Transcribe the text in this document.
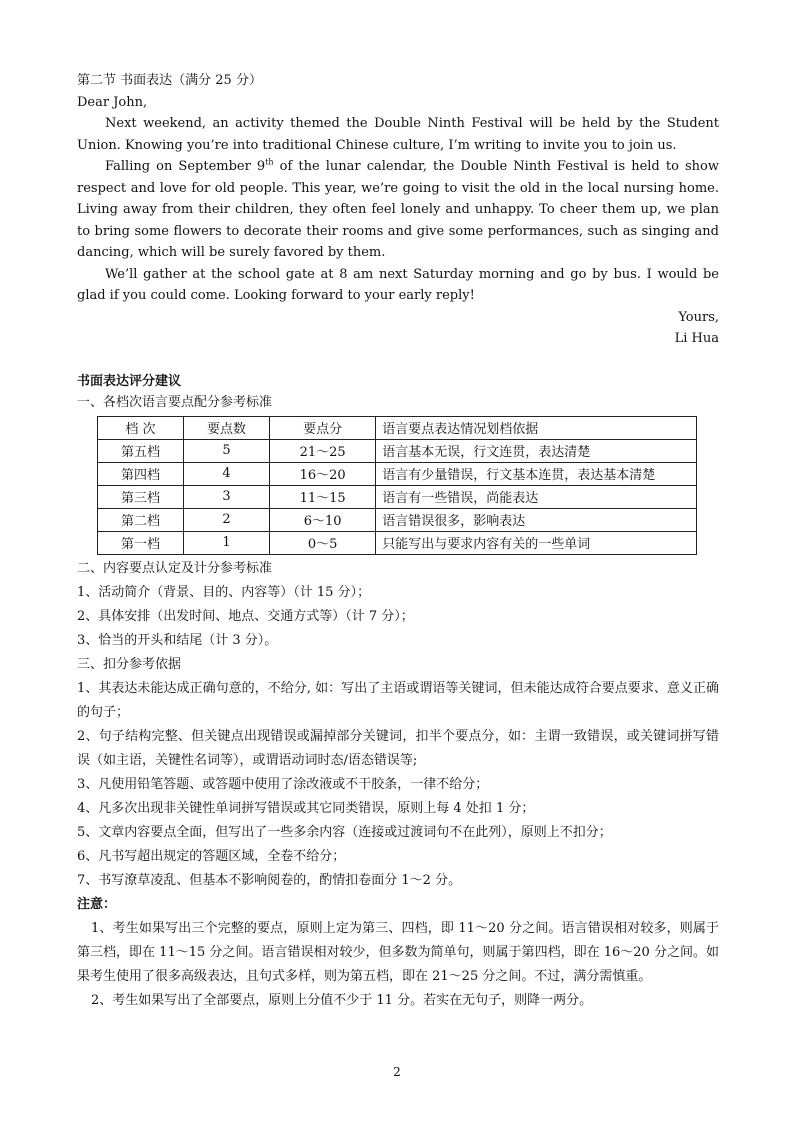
第二节 书面表达（满分 25 分）

Dear John,

Next weekend, an activity themed the Double Ninth Festival will be held by the Student Union. Knowing you’re into traditional Chinese culture, I’m writing to invite you to join us.

Falling on September 9th of the lunar calendar, the Double Ninth Festival is held to show respect and love for old people. This year, we’re going to visit the old in the local nursing home. Living away from their children, they often feel lonely and unhappy. To cheer them up, we plan to bring some flowers to decorate their rooms and give some performances, such as singing and dancing, which will be surely favored by them.

We’ll gather at the school gate at 8 am next Saturday morning and go by bus. I would be glad if you could come. Looking forward to your early reply!

Yours,

Li Hua

书面表达评分建议

一、各档次语言要点配分参考标准

档 次	要点数	要点分	语言要点表达情况划档依据
第五档	5	21～25	语言基本无误，行文连贯，表达清楚
第四档	4	16～20	语言有少量错误，行文基本连贯，表达基本清楚
第三档	3	11～15	语言有一些错误，尚能表达
第二档	2	6～10	语言错误很多，影响表达
第一档	1	0～5	只能写出与要求内容有关的一些单词

二、内容要点认定及计分参考标准

1、活动简介（背景、目的、内容等）（计 15 分）；

2、具体安排（出发时间、地点、交通方式等）（计 7 分）；

3、恰当的开头和结尾（计 3 分）。

三、扣分参考依据

1、其表达未能达成正确句意的，不给分, 如：写出了主语或谓语等关键词，但未能达成符合要点要求、意义正确的句子；

2、句子结构完整、但关键点出现错误或漏掉部分关键词，扣半个要点分，如：主谓一致错误，或关键词拼写错误（如主语，关键性名词等），或谓语动词时态/语态错误等;

3、凡使用铅笔答题、或答题中使用了涂改液或不干胶条，一律不给分；

4、凡多次出现非关键性单词拼写错误或其它同类错误，原则上每 4 处扣 1 分；

5、文章内容要点全面，但写出了一些多余内容（连接或过渡词句不在此列），原则上不扣分；

6、凡书写超出规定的答题区域，全卷不给分；

7、书写潦草凌乱、但基本不影响阅卷的，酌情扣卷面分 1～2 分。

注意：

1、考生如果写出三个完整的要点，原则上定为第三、四档，即 11～20 分之间。语言错误相对较多，则属于第三档，即在 11～15 分之间。语言错误相对较少，但多数为简单句，则属于第四档，即在 16～20 分之间。如果考生使用了很多高级表达，且句式多样，则为第五档，即在 21～25 分之间。不过，满分需慎重。

2、考生如果写出了全部要点，原则上分值不少于 11 分。若实在无句子，则降一两分。

2
